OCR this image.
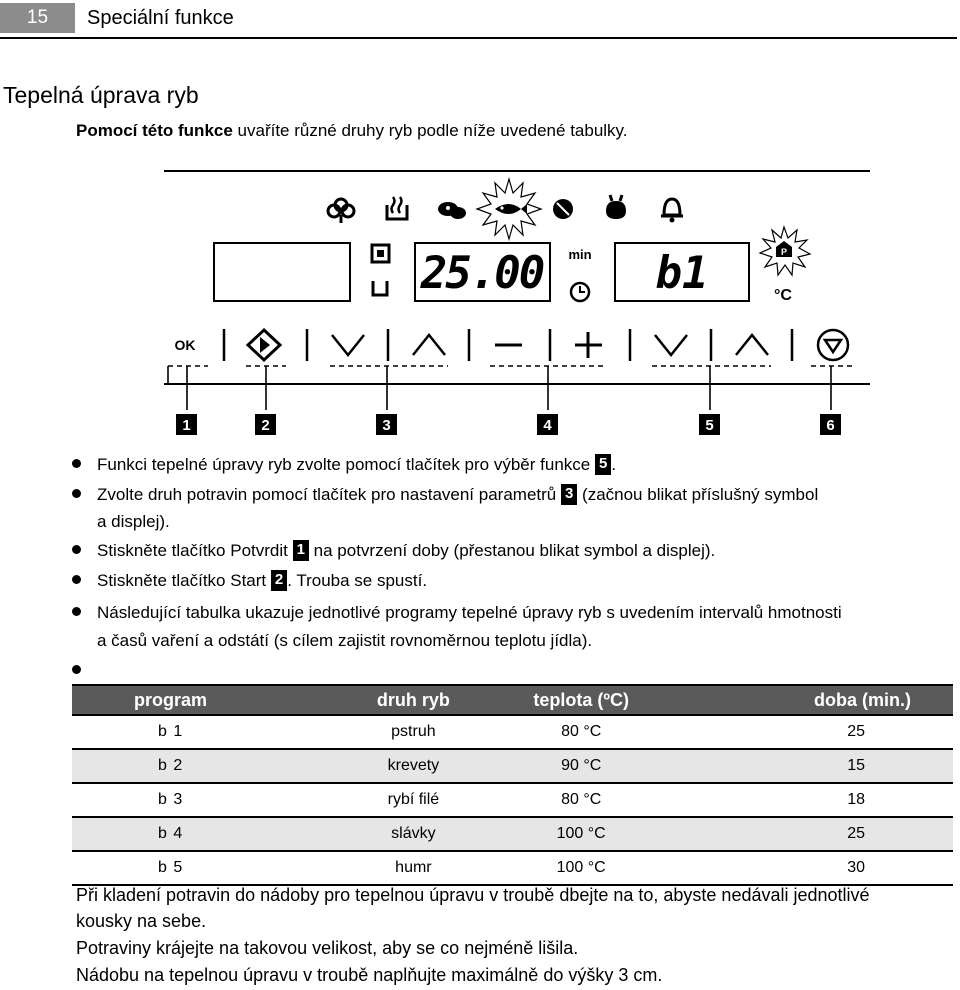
15	Speciální funkce
Tepelná úprava ryb
Pomocí této funkce uvaříte různé druhy ryb podle níže uvedené tabulky.
25.00 min b1	P
°C
OK
1	2	3	4	5	6
Funkci tepelné úpravy ryb zvolte pomocí tlačítek pro výběr funkce 5 .
Zvolte druh potravin pomocí tlačítek pro nastavení parametrů 3 (začnou blikat příslušný symbol
a displej).
Stiskněte tlačítko Potvrdit 1 na potvrzení doby (přestanou blikat symbol a displej).
Stiskněte tlačítko Start 2 . Trouba se spustí.
Následující tabulka ukazuje jednotlivé programy tepelné úpravy ryb s uvedením intervalů hmotnosti
a časů vaření a odstátí (s cílem zajistit rovnoměrnou teplotu jídla).
program	druh ryb	teplota (ºC)	doba (min.)
b 1	pstruh	80 °C	25
b 2	krevety	90 °C	15
b 3	rybí filé	80 °C	18
b 4	slávky	100 °C	25
b 5	humr	100 °C	30
Při kladení potravin do nádoby pro tepelnou úpravu v troubě dbejte na to, abyste nedávali jednotlivé
kousky na sebe.
Potraviny krájejte na takovou velikost, aby se co nejméně lišila.
Nádobu na tepelnou úpravu v troubě naplňujte maximálně do výšky 3 cm.
